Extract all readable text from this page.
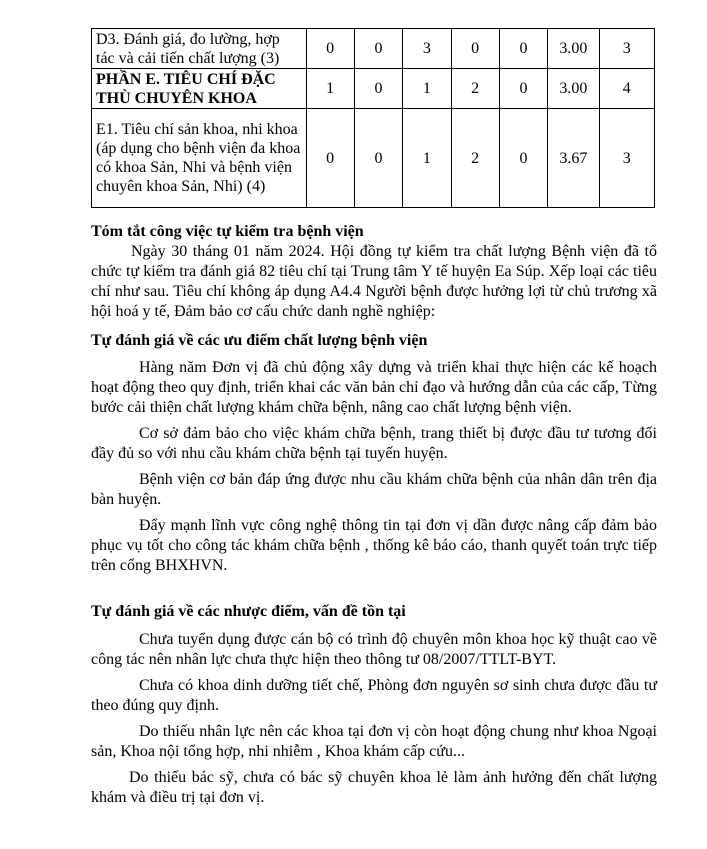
D3. Đánh giá, đo lường, hợp tác và cải tiến chất lượng (3)	0	0	3	0	0	3.00	3
PHẦN E. TIÊU CHÍ ĐẶC THÙ CHUYÊN KHOA	1	0	1	2	0	3.00	4
E1. Tiêu chí sản khoa, nhi khoa (áp dụng cho bệnh viện đa khoa có khoa Sản, Nhi và bệnh viện chuyên khoa Sản, Nhi) (4)	0	0	1	2	0	3.67	3

Tóm tắt công việc tự kiểm tra bệnh viện

Ngày 30 tháng 01 năm 2024. Hội đồng tự kiểm tra chất lượng Bệnh viện đã tổ chức tự kiểm tra đánh giá 82 tiêu chí tại Trung tâm Y tế huyện Ea Súp. Xếp loại các tiêu chí như sau. Tiêu chí không áp dụng A4.4 Người bệnh được hưởng lợi từ chủ trương xã hội hoá y tế, Đảm bảo cơ cấu chức danh nghề nghiệp:

Tự đánh giá về các ưu điểm chất lượng bệnh viện

Hàng năm Đơn vị đã chủ động xây dựng và triển khai thực hiện các kế hoạch hoạt động theo quy định, triển khai các văn bản chỉ đạo và hướng dẫn của các cấp, Từng bước cải thiện chất lượng khám chữa bệnh, nâng cao chất lượng bệnh viện.

Cơ sở đảm bảo cho việc khám chữa bệnh, trang thiết bị được đầu tư tương đối đầy đủ so với nhu cầu khám chữa bệnh tại tuyến huyện.

Bệnh viện cơ bản đáp ứng được nhu cầu khám chữa bệnh của nhân dân trên địa bàn huyện.

Đẩy mạnh lĩnh vực công nghệ thông tin tại đơn vị dần được nâng cấp đảm bảo phục vụ tốt cho công tác khám chữa bệnh , thống kê báo cáo, thanh quyết toán trực tiếp trên cổng BHXHVN.

Tự đánh giá về các nhược điểm, vấn đề tồn tại

Chưa tuyển dụng được cán bộ có trình độ chuyên môn khoa học kỹ thuật cao về công tác nên nhân lực chưa thực hiện theo thông tư 08/2007/TTLT-BYT.

Chưa có khoa dinh dưỡng tiết chế, Phòng đơn nguyên sơ sinh chưa được đầu tư theo đúng quy định.

Do thiếu nhân lực nên các khoa tại đơn vị còn hoạt động chung như khoa Ngoại sản, Khoa nội tổng hợp, nhi nhiễm , Khoa khám cấp cứu...

Do thiếu bác sỹ, chưa có bác sỹ chuyên khoa lẻ làm ảnh hưởng đến chất lượng khám và điều trị tại đơn vị.
